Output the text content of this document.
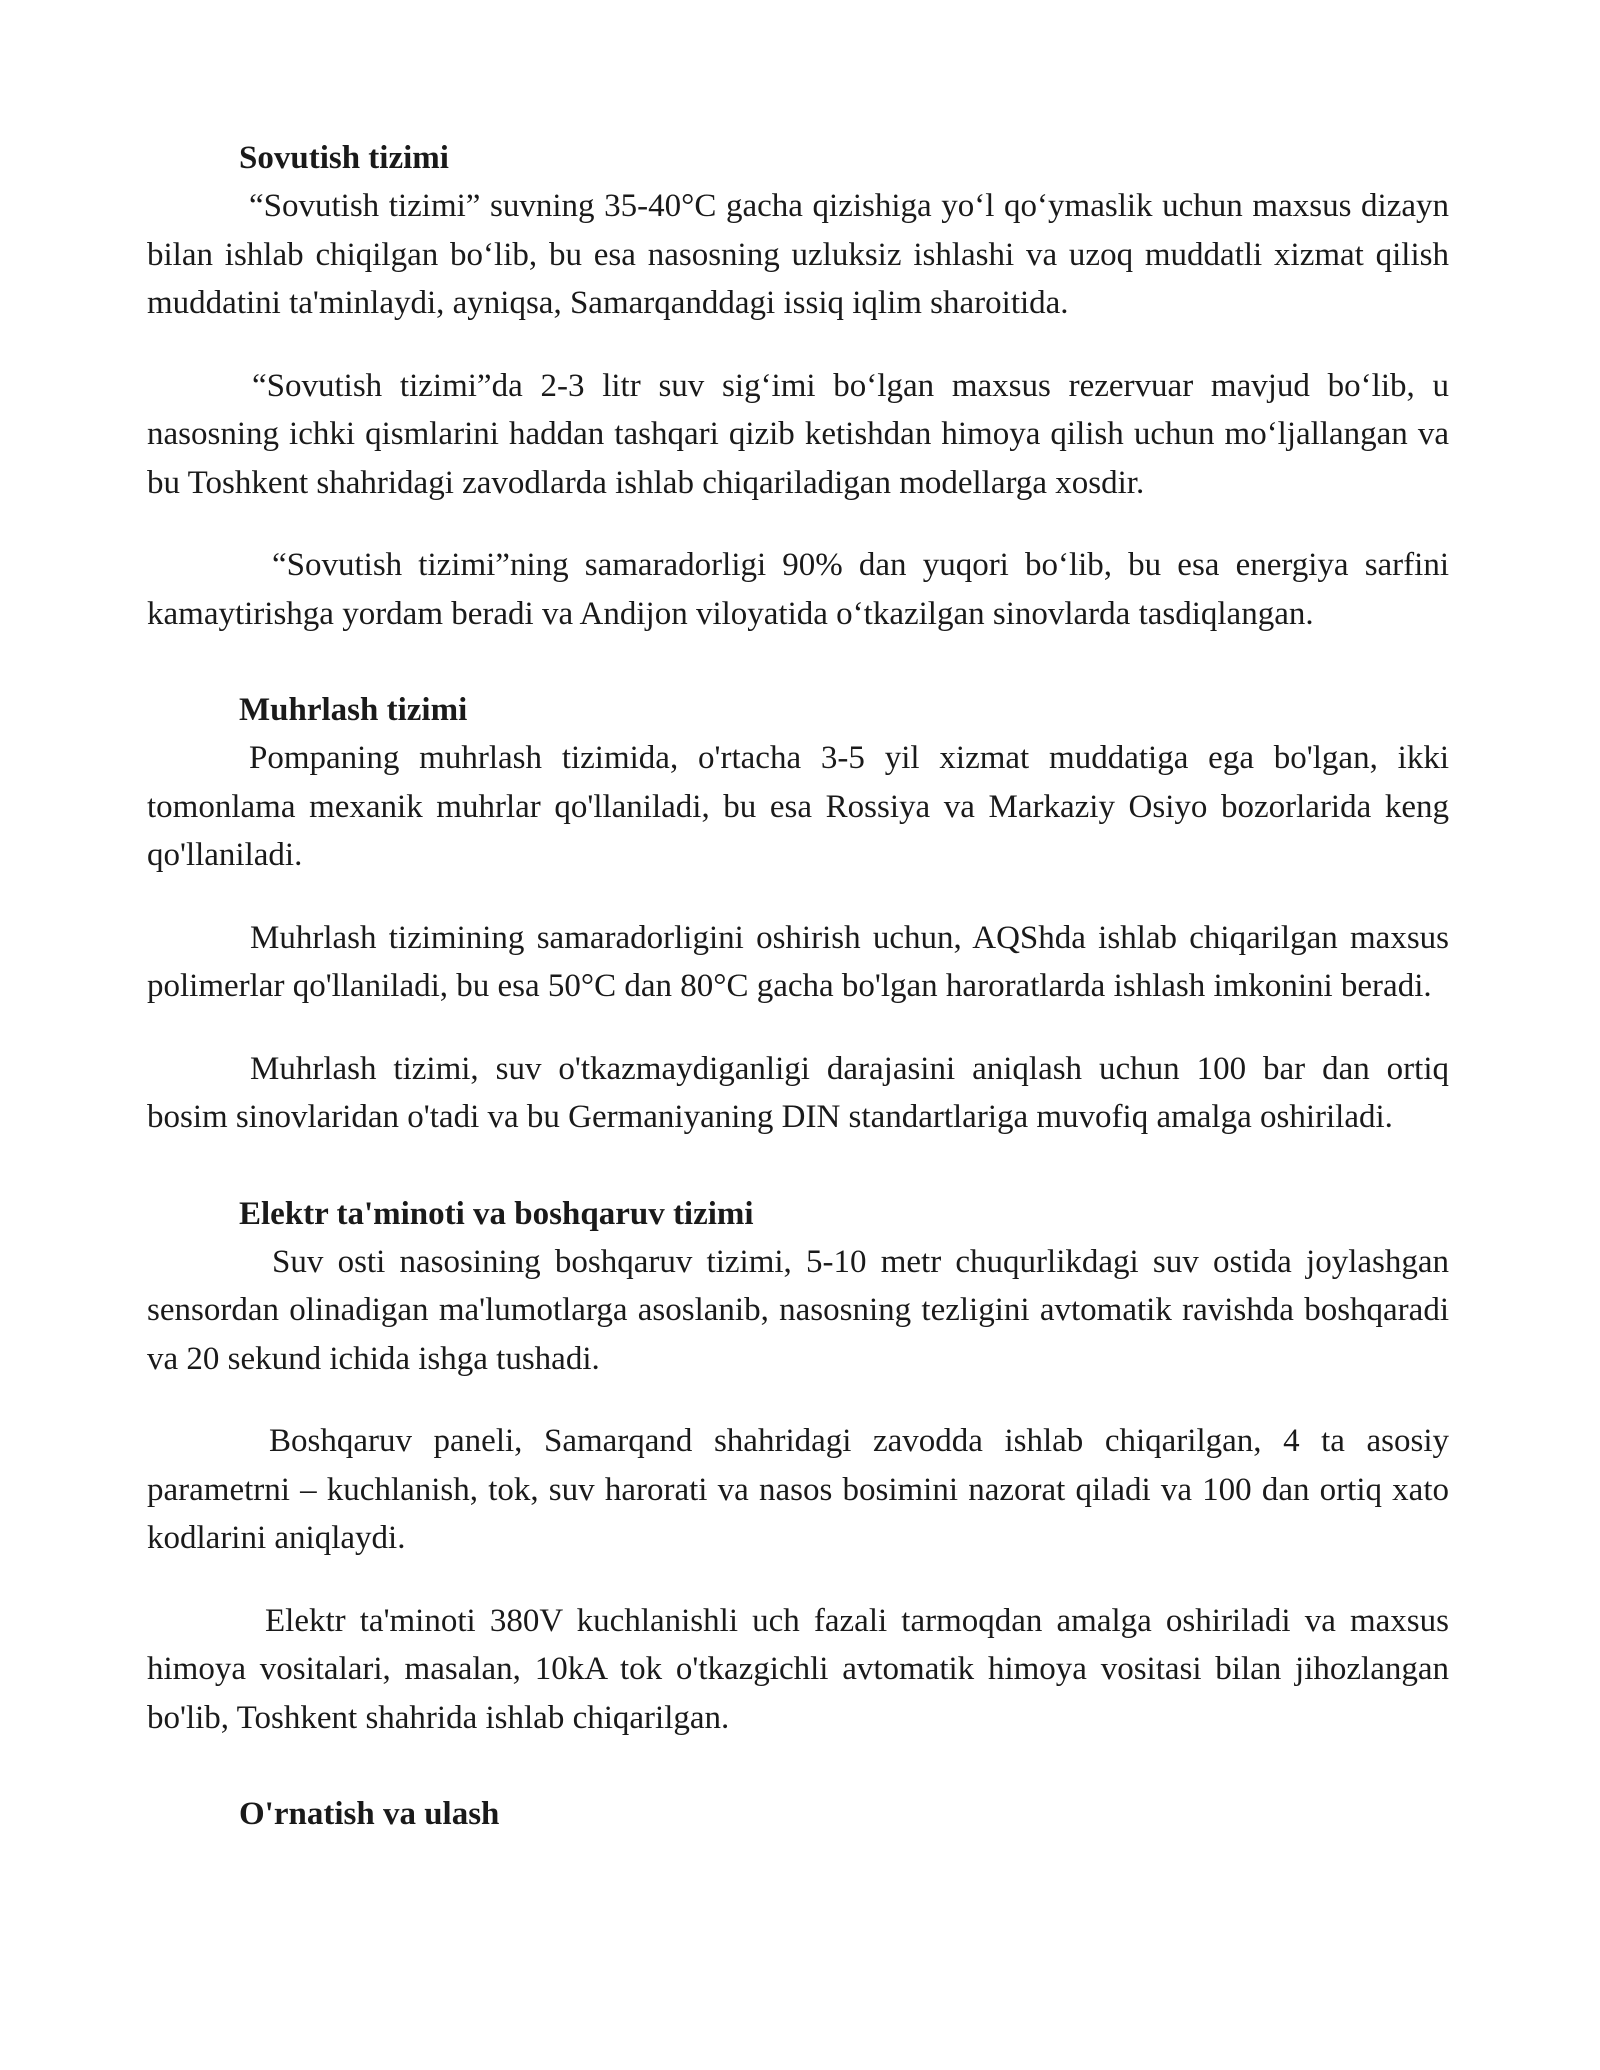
Sovutish tizimi

“Sovutish tizimi” suvning 35-40°C gacha qizishiga yo‘l qo‘ymaslik uchun maxsus dizayn bilan ishlab chiqilgan bo‘lib, bu esa nasosning uzluksiz ishlashi va uzoq muddatli xizmat qilish muddatini ta'minlaydi, ayniqsa, Samarqanddagi issiq iqlim sharoitida.

“Sovutish tizimi”da 2-3 litr suv sig‘imi bo‘lgan maxsus rezervuar mavjud bo‘lib, u nasosning ichki qismlarini haddan tashqari qizib ketishdan himoya qilish uchun mo‘ljallangan va bu Toshkent shahridagi zavodlarda ishlab chiqariladigan modellarga xosdir.

“Sovutish tizimi”ning samaradorligi 90% dan yuqori bo‘lib, bu esa energiya sarfini kamaytirishga yordam beradi va Andijon viloyatida o‘tkazilgan sinovlarda tasdiqlangan.

Muhrlash tizimi

Pompaning muhrlash tizimida, o'rtacha 3-5 yil xizmat muddatiga ega bo'lgan, ikki tomonlama mexanik muhrlar qo'llaniladi, bu esa Rossiya va Markaziy Osiyo bozorlarida keng qo'llaniladi.

Muhrlash tizimining samaradorligini oshirish uchun, AQShda ishlab chiqarilgan maxsus polimerlar qo'llaniladi, bu esa 50°C dan 80°C gacha bo'lgan haroratlarda ishlash imkonini beradi.

Muhrlash tizimi, suv o'tkazmaydiganligi darajasini aniqlash uchun 100 bar dan ortiq bosim sinovlaridan o'tadi va bu Germaniyaning DIN standartlariga muvofiq amalga oshiriladi.

Elektr ta'minoti va boshqaruv tizimi

Suv osti nasosining boshqaruv tizimi, 5-10 metr chuqurlikdagi suv ostida joylashgan sensordan olinadigan ma'lumotlarga asoslanib, nasosning tezligini avtomatik ravishda boshqaradi va 20 sekund ichida ishga tushadi.

Boshqaruv paneli, Samarqand shahridagi zavodda ishlab chiqarilgan, 4 ta asosiy parametrni – kuchlanish, tok, suv harorati va nasos bosimini nazorat qiladi va 100 dan ortiq xato kodlarini aniqlaydi.

Elektr ta'minoti 380V kuchlanishli uch fazali tarmoqdan amalga oshiriladi va maxsus himoya vositalari, masalan, 10kA tok o'tkazgichli avtomatik himoya vositasi bilan jihozlangan bo'lib, Toshkent shahrida ishlab chiqarilgan.

O'rnatish va ulash
